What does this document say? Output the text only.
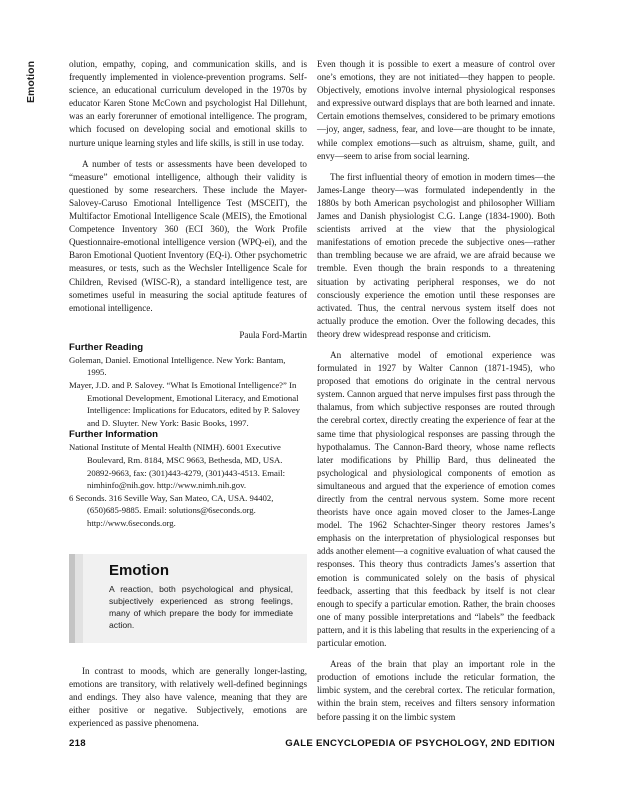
Emotion	olution, empathy, coping, and communication skills, and is frequently implemented in violence-prevention programs. Self-science, an educational curriculum developed in the 1970s by educator Karen Stone McCown and psychologist Hal Dillehunt, was an early forerunner of emotional intelligence. The program, which focused on developing social and emotional skills to nurture unique learning styles and life skills, is still in use today.

A number of tests or assessments have been developed to “measure” emotional intelligence, although their validity is questioned by some researchers. These include the Mayer-Salovey-Caruso Emotional Intelligence Test (MSCEIT), the Multifactor Emotional Intelligence Scale (MEIS), the Emotional Competence Inventory 360 (ECI 360), the Work Profile Questionnaire-emotional intelligence version (WPQ-ei), and the Baron Emotional Quotient Inventory (EQ-i). Other psychometric measures, or tests, such as the Wechsler Intelligence Scale for Children, Revised (WISC-R), a standard intelligence test, are sometimes useful in measuring the social aptitude features of emotional intelligence.

Paula Ford-Martin

Further Reading

Goleman, Daniel. Emotional Intelligence. New York: Bantam, 1995.

Mayer, J.D. and P. Salovey. “What Is Emotional Intelligence?” In Emotional Development, Emotional Literacy, and Emotional Intelligence: Implications for Educators, edited by P. Salovey and D. Sluyter. New York: Basic Books, 1997.

Further Information

National Institute of Mental Health (NIMH). 6001 Executive Boulevard, Rm. 8184, MSC 9663, Bethesda, MD, USA. 20892-9663, fax: (301)443-4279, (301)443-4513. Email: nimhinfo@nih.gov. http://www.nimh.nih.gov.

6 Seconds. 316 Seville Way, San Mateo, CA, USA. 94402, (650)685-9885. Email: solutions@6seconds.org. http://www.6seconds.org.

Emotion

A reaction, both psychological and physical, subjectively experienced as strong feelings, many of which prepare the body for immediate action.

In contrast to moods, which are generally longer-lasting, emotions are transitory, with relatively well-defined beginnings and endings. They also have valence, meaning that they are either positive or negative. Subjectively, emotions are experienced as passive phenomena.

Even though it is possible to exert a measure of control over one’s emotions, they are not initiated—they happen to people. Objectively, emotions involve internal physiological responses and expressive outward displays that are both learned and innate. Certain emotions themselves, considered to be primary emotions—joy, anger, sadness, fear, and love—are thought to be innate, while complex emotions—such as altruism, shame, guilt, and envy—seem to arise from social learning.

The first influential theory of emotion in modern times—the James-Lange theory—was formulated independently in the 1880s by both American psychologist and philosopher William James and Danish physiologist C.G. Lange (1834-1900). Both scientists arrived at the view that the physiological manifestations of emotion precede the subjective ones—rather than trembling because we are afraid, we are afraid because we tremble. Even though the brain responds to a threatening situation by activating peripheral responses, we do not consciously experience the emotion until these responses are activated. Thus, the central nervous system itself does not actually produce the emotion. Over the following decades, this theory drew widespread response and criticism.

An alternative model of emotional experience was formulated in 1927 by Walter Cannon (1871-1945), who proposed that emotions do originate in the central nervous system. Cannon argued that nerve impulses first pass through the thalamus, from which subjective responses are routed through the cerebral cortex, directly creating the experience of fear at the same time that physiological responses are passing through the hypothalamus. The Cannon-Bard theory, whose name reflects later modifications by Phillip Bard, thus delineated the psychological and physiological components of emotion as simultaneous and argued that the experience of emotion comes directly from the central nervous system. Some more recent theorists have once again moved closer to the James-Lange model. The 1962 Schachter-Singer theory restores James’s emphasis on the interpretation of physiological responses but adds another element—a cognitive evaluation of what caused the responses. This theory thus contradicts James’s assertion that emotion is communicated solely on the basis of physical feedback, asserting that this feedback by itself is not clear enough to specify a particular emotion. Rather, the brain chooses one of many possible interpretations and “labels” the feedback pattern, and it is this labeling that results in the experiencing of a particular emotion.

Areas of the brain that play an important role in the production of emotions include the reticular formation, the limbic system, and the cerebral cortex. The reticular formation, within the brain stem, receives and filters sensory information before passing it on the limbic system

218	GALE ENCYCLOPEDIA OF PSYCHOLOGY, 2ND EDITION
